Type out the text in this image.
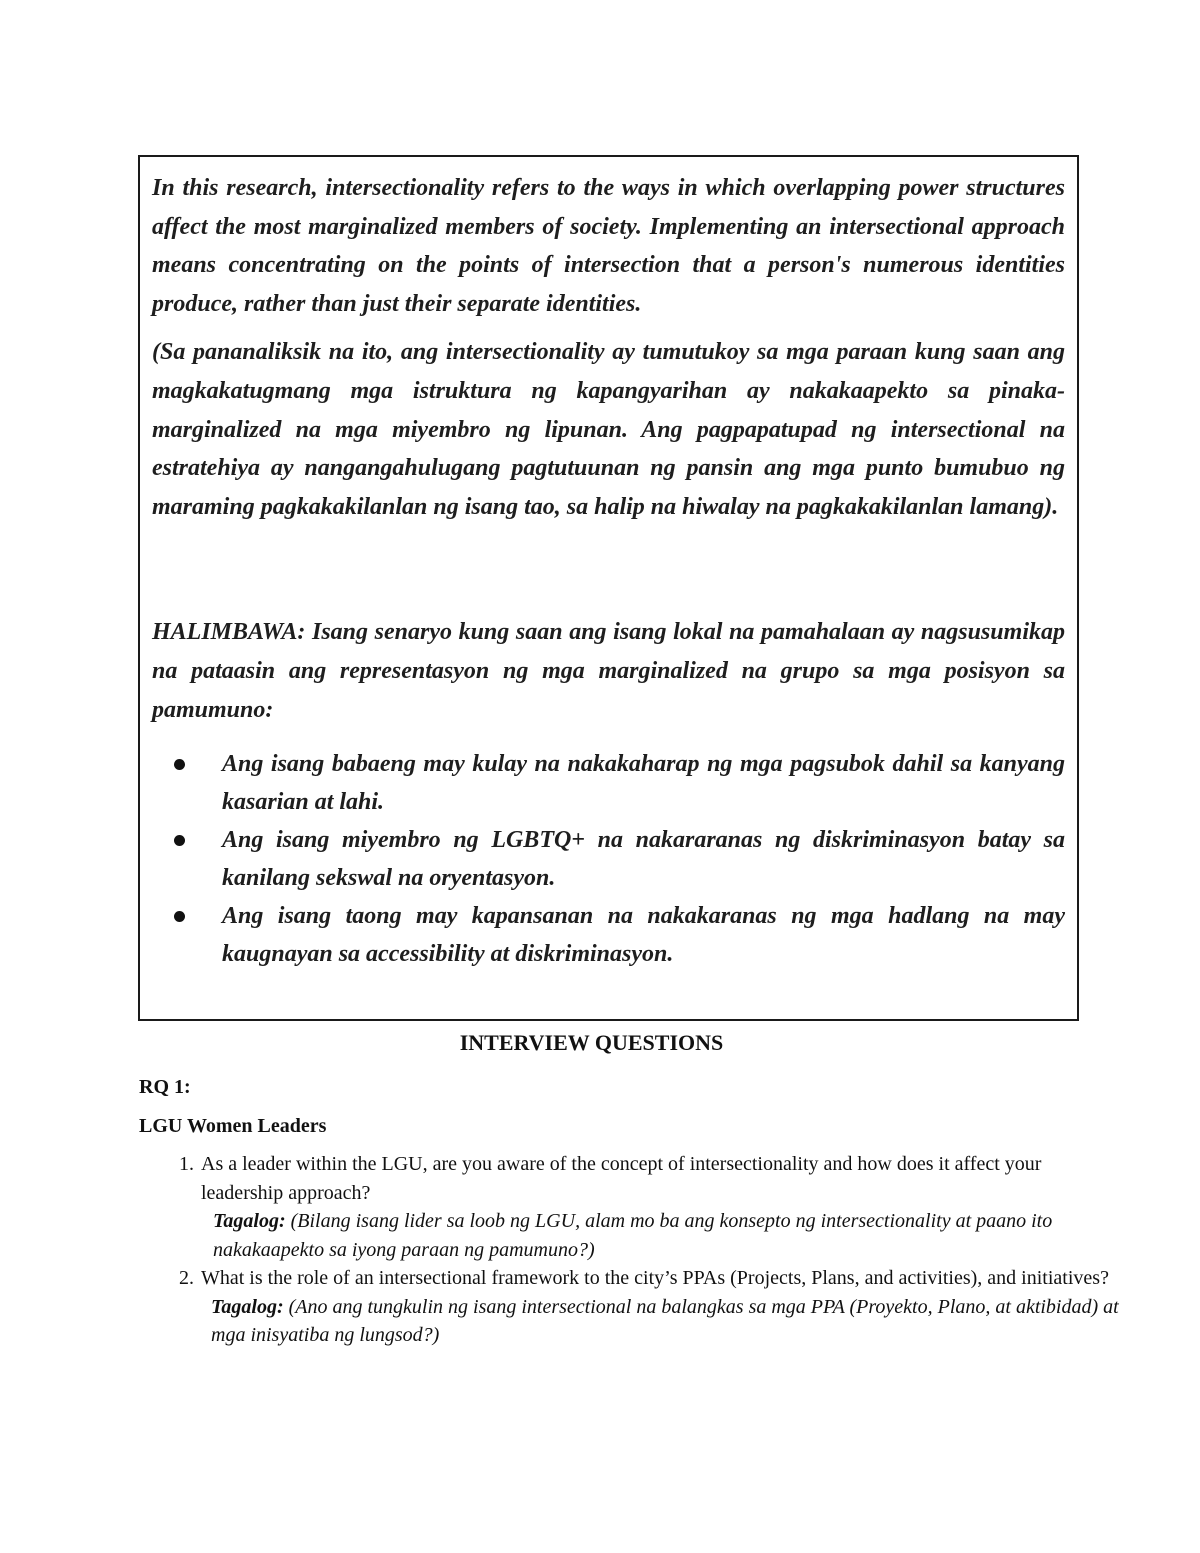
In this research, intersectionality refers to the ways in which overlapping power structures affect the most marginalized members of society. Implementing an intersectional approach means concentrating on the points of intersection that a person's numerous identities produce, rather than just their separate identities.

(Sa pananaliksik na ito, ang intersectionality ay tumutukoy sa mga paraan kung saan ang magkakatugmang mga istruktura ng kapangyarihan ay nakakaapekto sa pinaka-marginalized na mga miyembro ng lipunan. Ang pagpapatupad ng intersectional na estratehiya ay nangangahulugang pagtutuunan ng pansin ang mga punto bumubuo ng maraming pagkakakilanlan ng isang tao, sa halip na hiwalay na pagkakakilanlan lamang).

HALIMBAWA: Isang senaryo kung saan ang isang lokal na pamahalaan ay nagsusumikap na pataasin ang representasyon ng mga marginalized na grupo sa mga posisyon sa pamumuno:

Ang isang babaeng may kulay na nakakaharap ng mga pagsubok dahil sa kanyang kasarian at lahi.
Ang isang miyembro ng LGBTQ+ na nakararanas ng diskriminasyon batay sa kanilang sekswal na oryentasyon.
Ang isang taong may kapansanan na nakakaranas ng mga hadlang na may kaugnayan sa accessibility at diskriminasyon.
INTERVIEW QUESTIONS

RQ 1:

LGU Women Leaders

1. As a leader within the LGU, are you aware of the concept of intersectionality and how does it affect your leadership approach?
Tagalog: (Bilang isang lider sa loob ng LGU, alam mo ba ang konsepto ng intersectionality at paano ito nakakaapekto sa iyong paraan ng pamumuno?)
2. What is the role of an intersectional framework to the city’s PPAs (Projects, Plans, and activities), and initiatives?
Tagalog: (Ano ang tungkulin ng isang intersectional na balangkas sa mga PPA (Proyekto, Plano, at aktibidad) at mga inisyatiba ng lungsod?)
